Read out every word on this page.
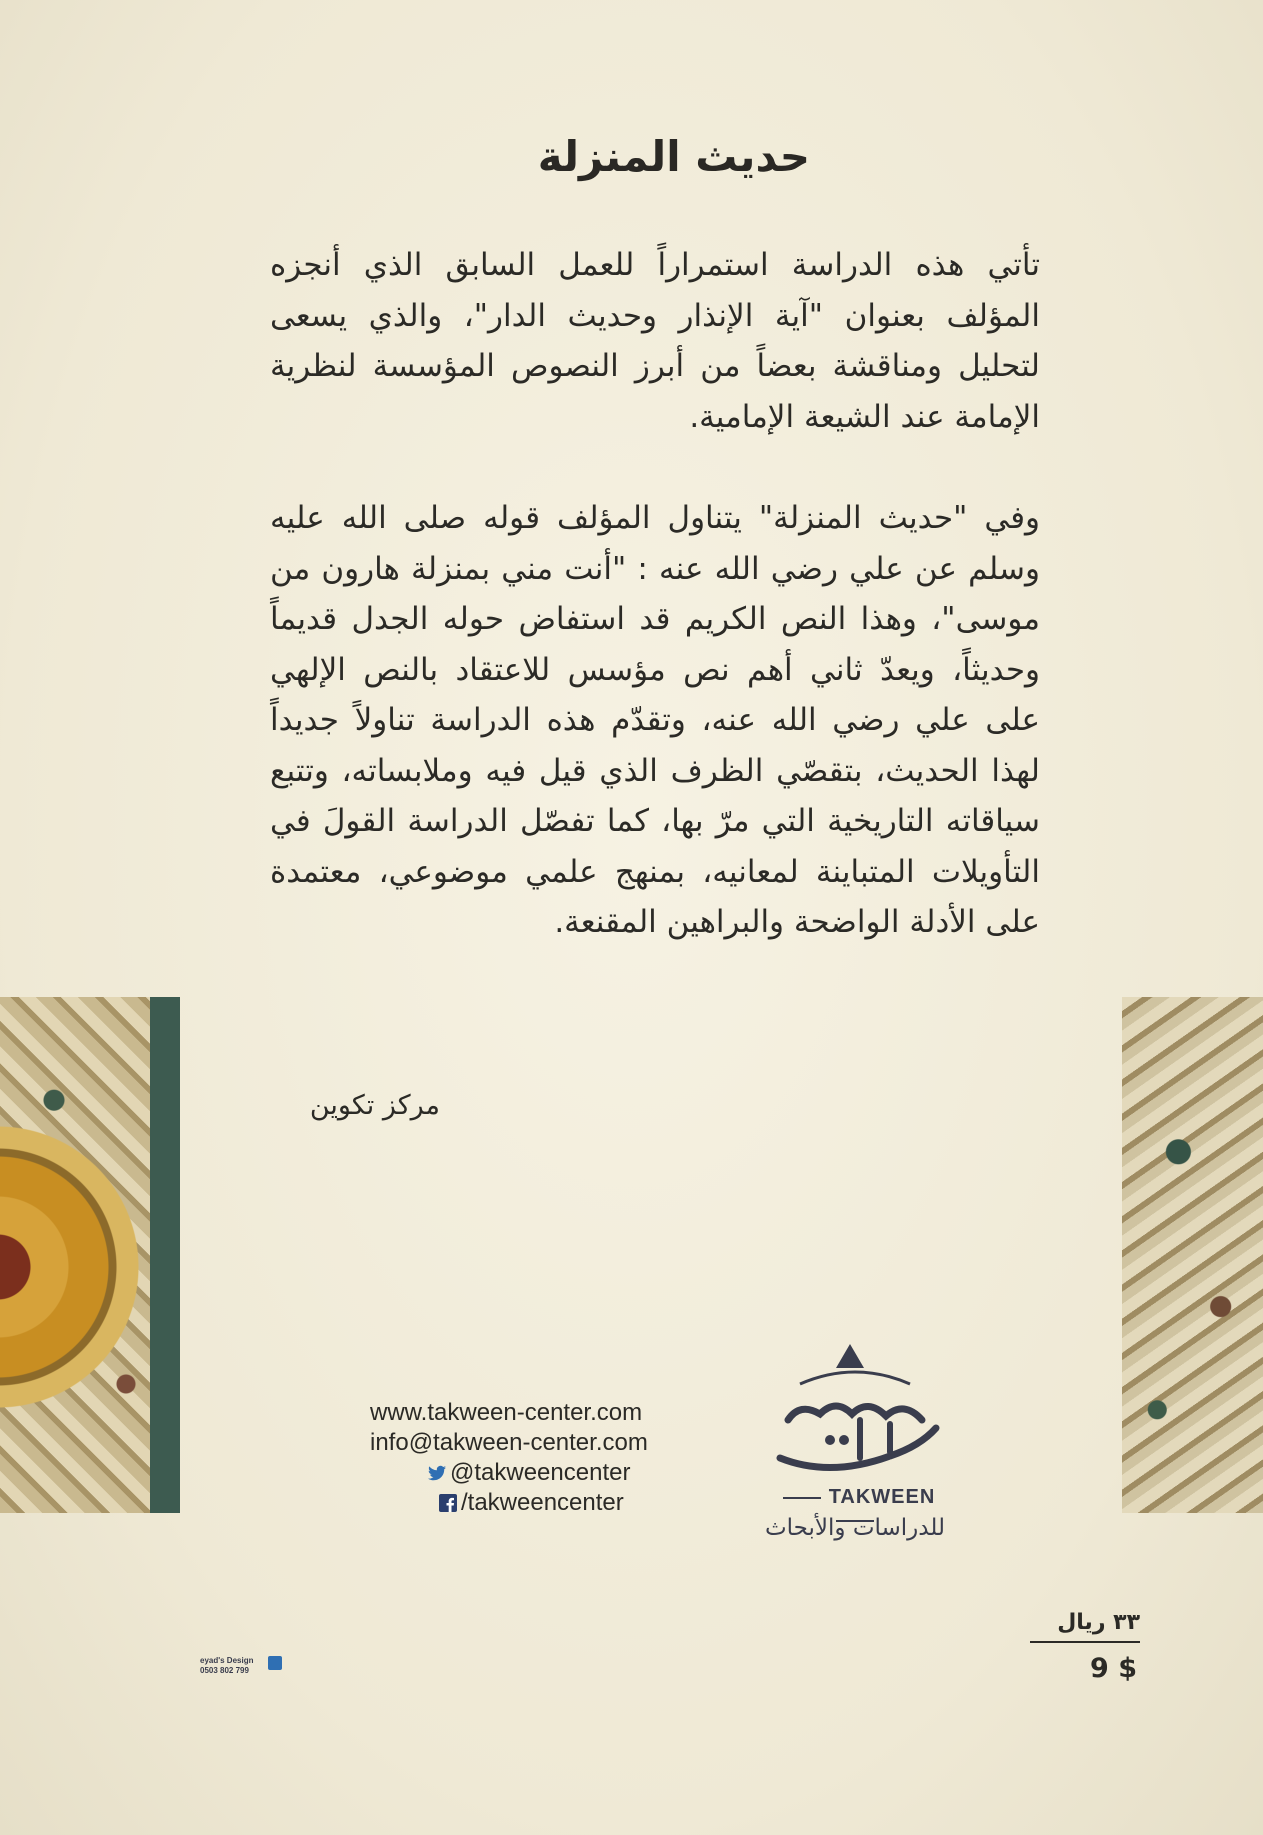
حديث المنزلة

تأتي هذه الدراسة استمراراً للعمل السابق الذي أنجزه المؤلف بعنوان "آية الإنذار وحديث الدار"، والذي يسعى لتحليل ومناقشة بعضاً من أبرز النصوص المؤسسة لنظرية الإمامة عند الشيعة الإمامية.

وفي "حديث المنزلة" يتناول المؤلف قوله صلى الله عليه وسلم عن علي رضي الله عنه : "أنت مني بمنزلة هارون من موسى"، وهذا النص الكريم قد استفاض حوله الجدل قديماً وحديثاً، ويعدّ ثاني أهم نص مؤسس للاعتقاد بالنص الإلهي على علي رضي الله عنه، وتقدّم هذه الدراسة تناولاً جديداً لهذا الحديث، بتقصّي الظرف الذي قيل فيه وملابساته، وتتبع سياقاته التاريخية التي مرّ بها، كما تفصّل الدراسة القولَ في التأويلات المتباينة لمعانيه، بمنهج علمي موضوعي، معتمدة على الأدلة الواضحة والبراهين المقنعة.

مركز تكوين
www.takween-center.com
info@takween-center.com
@takweencenter
/takweencenter	TAKWEEN
للدراسات والأبحاث
٣٣ ريال
9 $
eyad's Design
0503 802 799
